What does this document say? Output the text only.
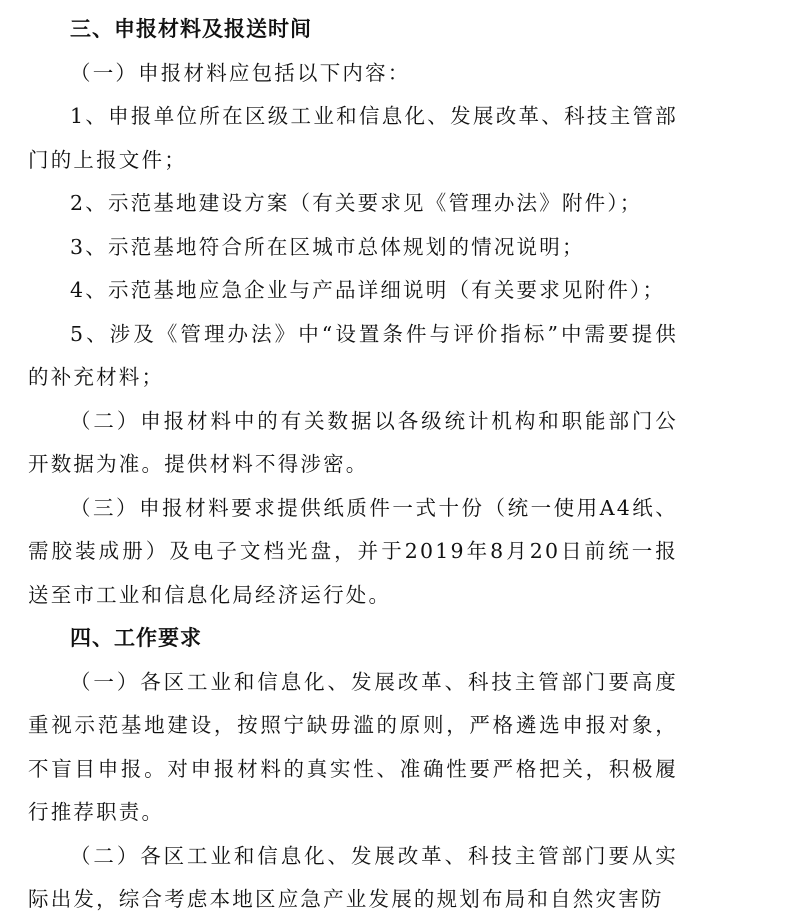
三、申报材料及报送时间

（一）申报材料应包括以下内容：

1、申报单位所在区级工业和信息化、发展改革、科技主管部门的上报文件；

2、示范基地建设方案（有关要求见《管理办法》附件）；

3、示范基地符合所在区城市总体规划的情况说明；

4、示范基地应急企业与产品详细说明（有关要求见附件）；

5、涉及《管理办法》中“设置条件与评价指标”中需要提供的补充材料；

（二）申报材料中的有关数据以各级统计机构和职能部门公开数据为准。提供材料不得涉密。

（三）申报材料要求提供纸质件一式十份（统一使用A4纸、需胶装成册）及电子文档光盘，并于2019年8月20日前统一报送至市工业和信息化局经济运行处。

四、工作要求

（一）各区工业和信息化、发展改革、科技主管部门要高度重视示范基地建设，按照宁缺毋滥的原则，严格遴选申报对象，不盲目申报。对申报材料的真实性、准确性要严格把关，积极履行推荐职责。

（二）各区工业和信息化、发展改革、科技主管部门要从实际出发，综合考虑本地区应急产业发展的规划布局和自然灾害防
